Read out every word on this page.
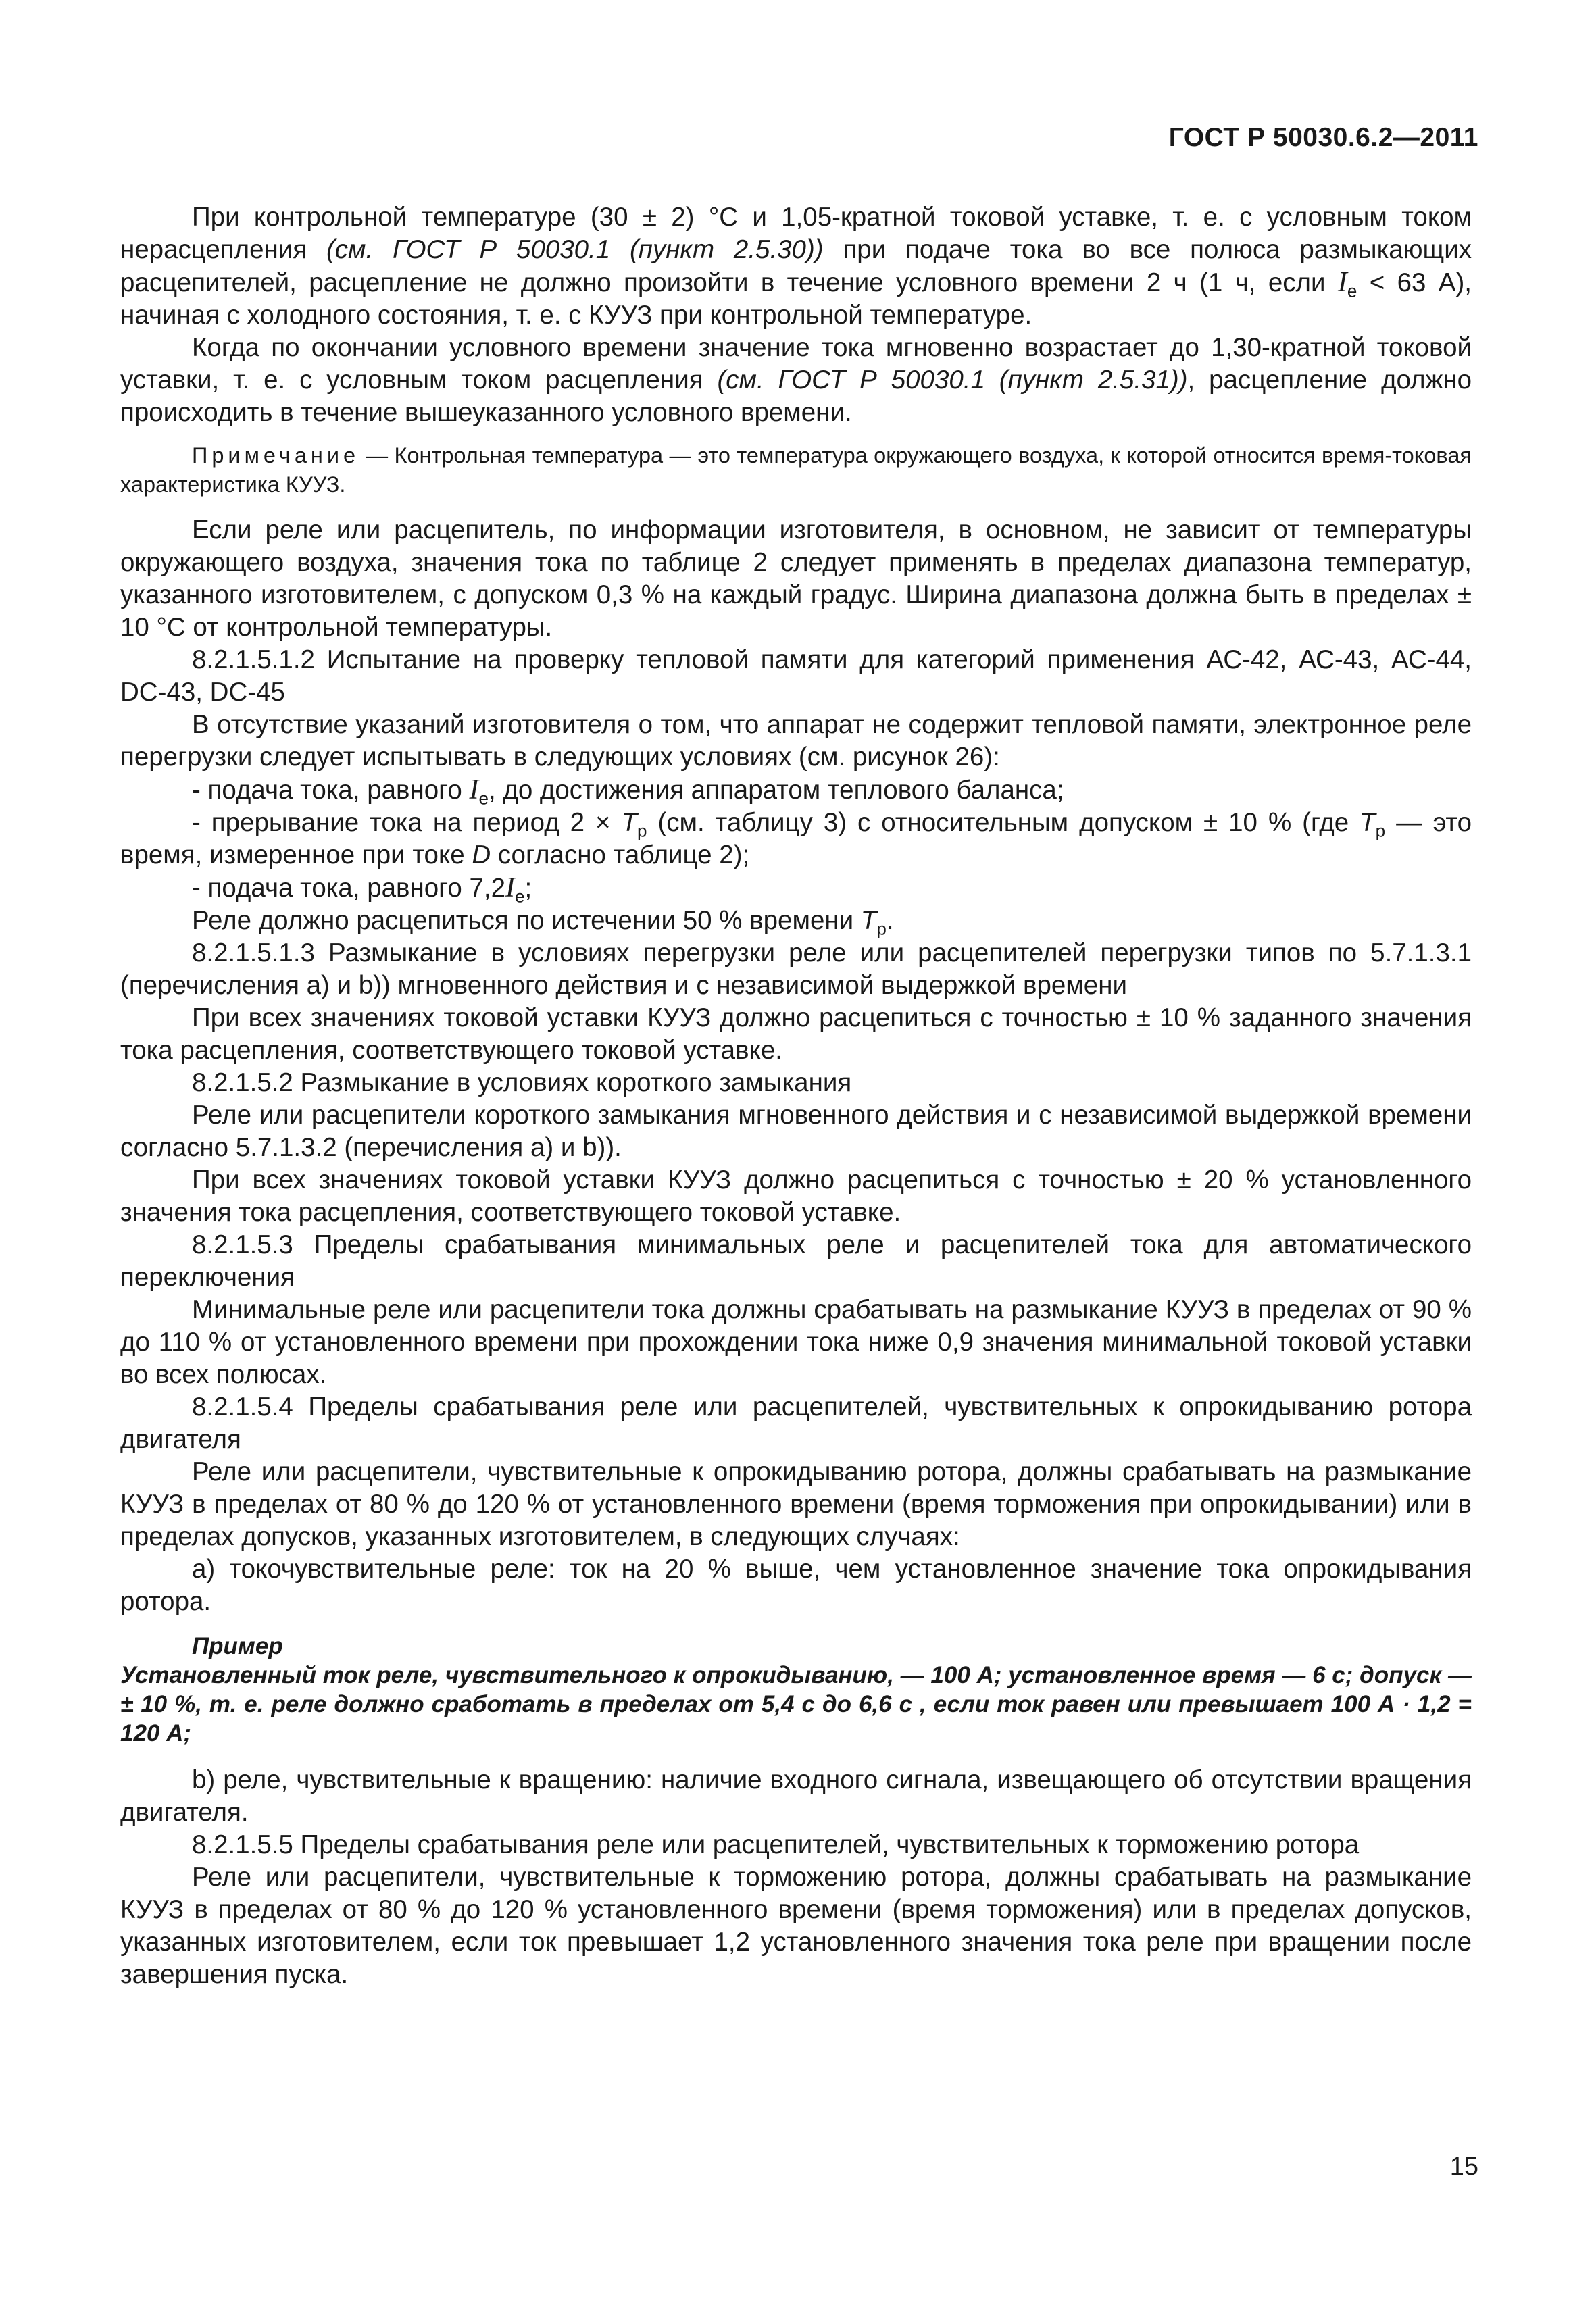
ГОСТ Р 50030.6.2—2011

При контрольной температуре (30 ± 2) °С и 1,05-кратной токовой уставке, т. е. с условным током нерасцепления (см. ГОСТ Р 50030.1 (пункт 2.5.30)) при подаче тока во все полюса размыкающих расцепителей, расцепление не должно произойти в течение условного времени 2 ч (1 ч, если $I_e < 63$ А), начиная с холодного состояния, т. е. с КУУЗ при контрольной температуре.

Когда по окончании условного времени значение тока мгновенно возрастает до 1,30-кратной токовой уставки, т. е. с условным током расцепления (см. ГОСТ Р 50030.1 (пункт 2.5.31)), расцепление должно происходить в течение вышеуказанного условного времени.

Примечание — Контрольная температура — это температура окружающего воздуха, к которой относится время-токовая характеристика КУУЗ.

Если реле или расцепитель, по информации изготовителя, в основном, не зависит от температуры окружающего воздуха, значения тока по таблице 2 следует применять в пределах диапазона температур, указанного изготовителем, с допуском 0,3 % на каждый градус. Ширина диапазона должна быть в пределах ± 10 °С от контрольной температуры.

8.2.1.5.1.2 Испытание на проверку тепловой памяти для категорий применения АС-42, АС-43, АС-44, DC-43, DC-45

В отсутствие указаний изготовителя о том, что аппарат не содержит тепловой памяти, электронное реле перегрузки следует испытывать в следующих условиях (см. рисунок 26):

- подача тока, равного $I_e$, до достижения аппаратом теплового баланса;

- прерывание тока на период $2 \times T_р$ (см. таблицу 3) с относительным допуском ± 10 % (где $T_р$ — это время, измеренное при токе D согласно таблице 2);

- подача тока, равного $7,2I_e$;

Реле должно расцепиться по истечении 50 % времени $T_р$.

8.2.1.5.1.3 Размыкание в условиях перегрузки реле или расцепителей перегрузки типов по 5.7.1.3.1 (перечисления а) и b)) мгновенного действия и с независимой выдержкой времени

При всех значениях токовой уставки КУУЗ должно расцепиться с точностью ± 10 % заданного значения тока расцепления, соответствующего токовой уставке.

8.2.1.5.2 Размыкание в условиях короткого замыкания

Реле или расцепители короткого замыкания мгновенного действия и с независимой выдержкой времени согласно 5.7.1.3.2 (перечисления а) и b)).

При всех значениях токовой уставки КУУЗ должно расцепиться с точностью ± 20 % установленного значения тока расцепления, соответствующего токовой уставке.

8.2.1.5.3 Пределы срабатывания минимальных реле и расцепителей тока для автоматического переключения

Минимальные реле или расцепители тока должны срабатывать на размыкание КУУЗ в пределах от 90 % до 110 % от установленного времени при прохождении тока ниже 0,9 значения минимальной токовой уставки во всех полюсах.

8.2.1.5.4 Пределы срабатывания реле или расцепителей, чувствительных к опрокидыванию ротора двигателя

Реле или расцепители, чувствительные к опрокидыванию ротора, должны срабатывать на размыкание КУУЗ в пределах от 80 % до 120 % от установленного времени (время торможения при опрокидывании) или в пределах допусков, указанных изготовителем, в следующих случаях:

а) токочувствительные реле: ток на 20 % выше, чем установленное значение тока опрокидывания ротора.

Пример

Установленный ток реле, чувствительного к опрокидыванию, — 100 А; установленное время — 6 с; допуск — ± 10 %, т. е. реле должно сработать в пределах от 5,4 с до 6,6 с , если ток равен или превышает 100 А · 1,2 = 120 А;

b) реле, чувствительные к вращению: наличие входного сигнала, извещающего об отсутствии вращения двигателя.

8.2.1.5.5 Пределы срабатывания реле или расцепителей, чувствительных к торможению ротора

Реле или расцепители, чувствительные к торможению ротора, должны срабатывать на размыкание КУУЗ в пределах от 80 % до 120 % установленного времени (время торможения) или в пределах допусков, указанных изготовителем, если ток превышает 1,2 установленного значения тока реле при вращении после завершения пуска.

15
